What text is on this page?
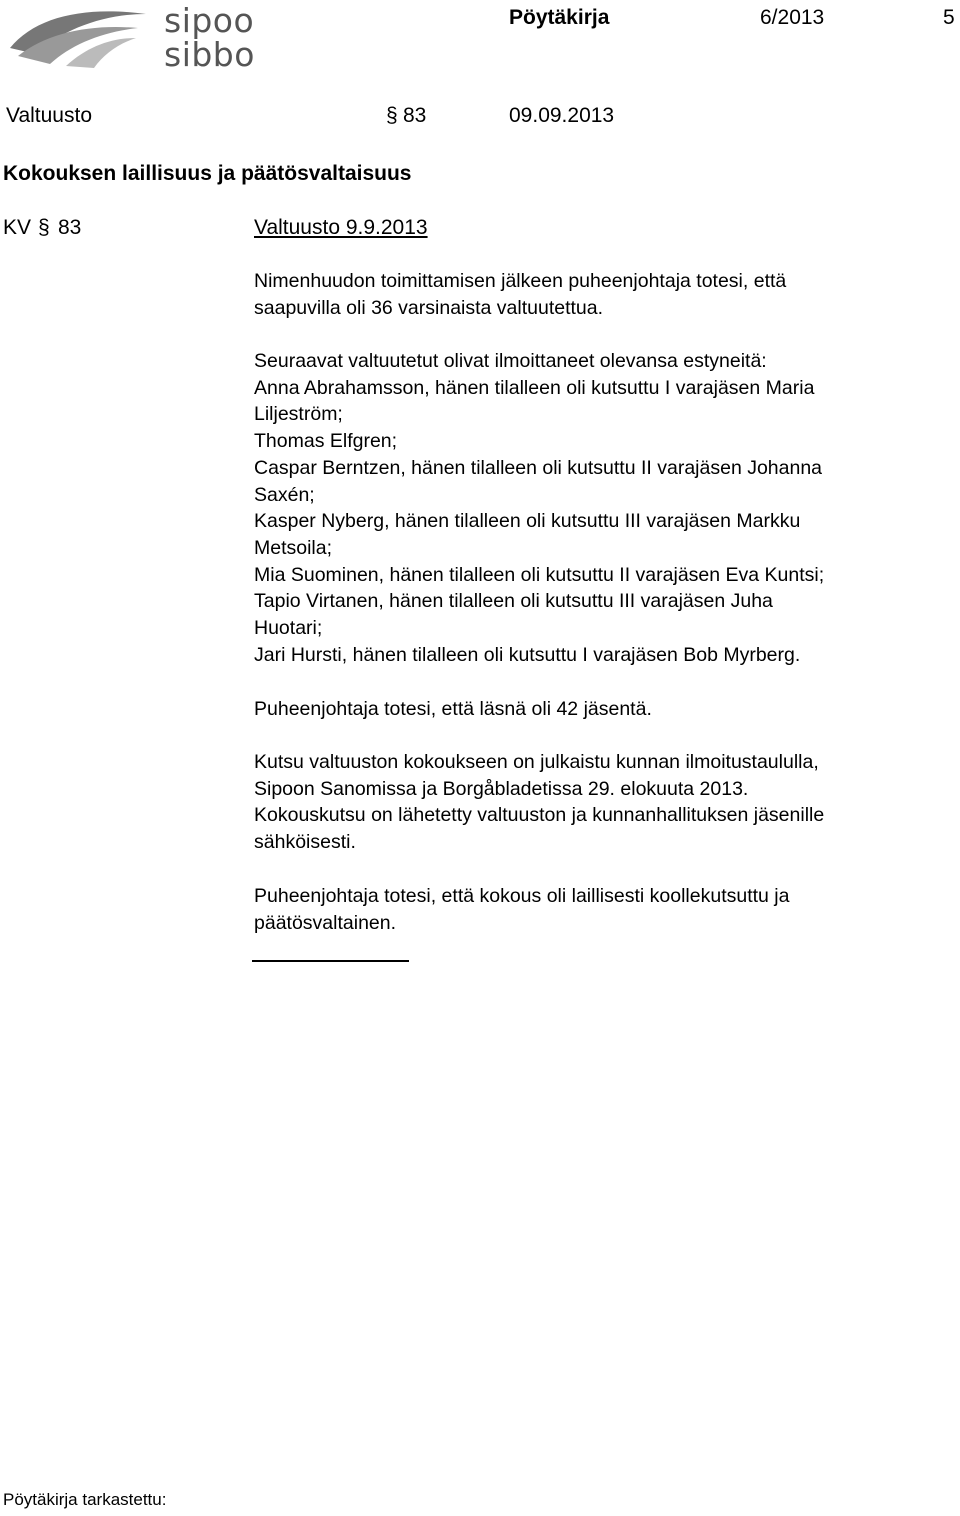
sipoo
sibbo
Pöytäkirja	6/2013	5
Valtuusto	§ 83	09.09.2013
Kokouksen laillisuus ja päätösvaltaisuus
KV § 83	Valtuusto 9.9.2013
Nimenhuudon toimittamisen jälkeen puheenjohtaja totesi, että
saapuvilla oli 36 varsinaista valtuutettua.
Seuraavat valtuutetut olivat ilmoittaneet olevansa estyneitä:
Anna Abrahamsson, hänen tilalleen oli kutsuttu I varajäsen Maria
Liljeström;
Thomas Elfgren;
Caspar Berntzen, hänen tilalleen oli kutsuttu II varajäsen Johanna
Saxén;
Kasper Nyberg, hänen tilalleen oli kutsuttu III varajäsen Markku
Metsoila;
Mia Suominen, hänen tilalleen oli kutsuttu II varajäsen Eva Kuntsi;
Tapio Virtanen, hänen tilalleen oli kutsuttu III varajäsen Juha
Huotari;
Jari Hursti, hänen tilalleen oli kutsuttu I varajäsen Bob Myrberg.
Puheenjohtaja totesi, että läsnä oli 42 jäsentä.
Kutsu valtuuston kokoukseen on julkaistu kunnan ilmoitustaululla,
Sipoon Sanomissa ja Borgåbladetissa 29. elokuuta 2013.
Kokouskutsu on lähetetty valtuuston ja kunnanhallituksen jäsenille
sähköisesti.
Puheenjohtaja totesi, että kokous oli laillisesti koollekutsuttu ja
päätösvaltainen.
Pöytäkirja tarkastettu:
